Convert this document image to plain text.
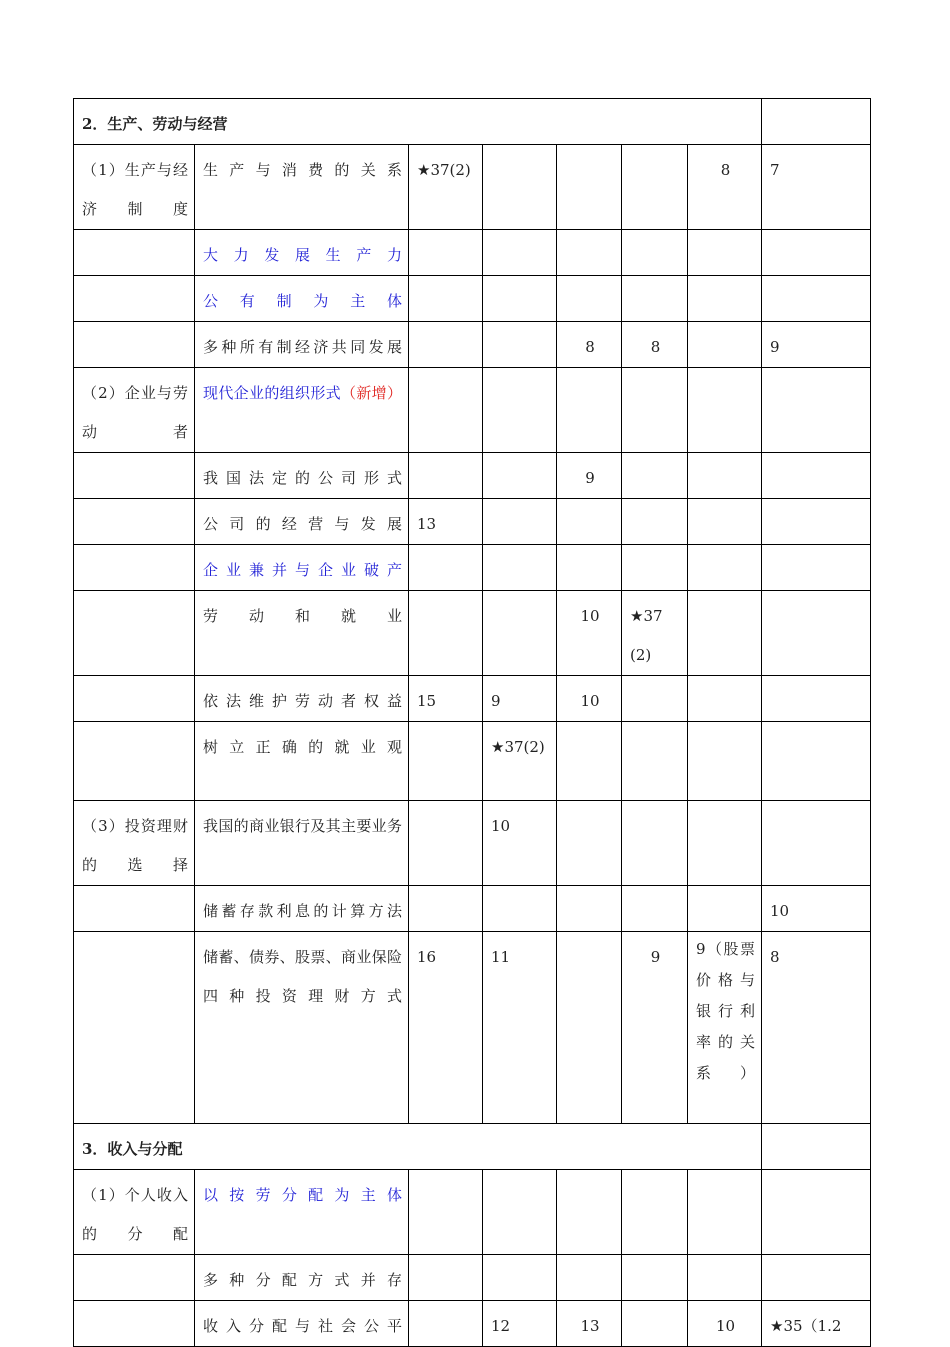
2．生产、劳动与经营							
（1）生产与经济制度	生产与消费的关系	★37(2)				8	7
	大力发展生产力						
	公有制为主体						
	多种所有制经济共同发展			8	8		9
（2）企业与劳动者	现代企业的组织形式（新增）						
	我国法定的公司形式			9			
	公司的经营与发展	13					
	企业兼并与企业破产						
	劳动和就业			10	★37(2)		
	依法维护劳动者权益	15	9	10			
	树立正确的就业观		★37(2)				
（3）投资理财的选择	我国的商业银行及其主要业务		10				
	储蓄存款利息的计算方法						10
	储蓄、债券、股票、商业保险四种投资理财方式	16	11		9	9（股票价格与银行利率的关系）	8
3．收入与分配							
（1）个人收入的分配	以按劳分配为主体						
	多种分配方式并存						
	收入分配与社会公平		12	13		10	★35（1.2
